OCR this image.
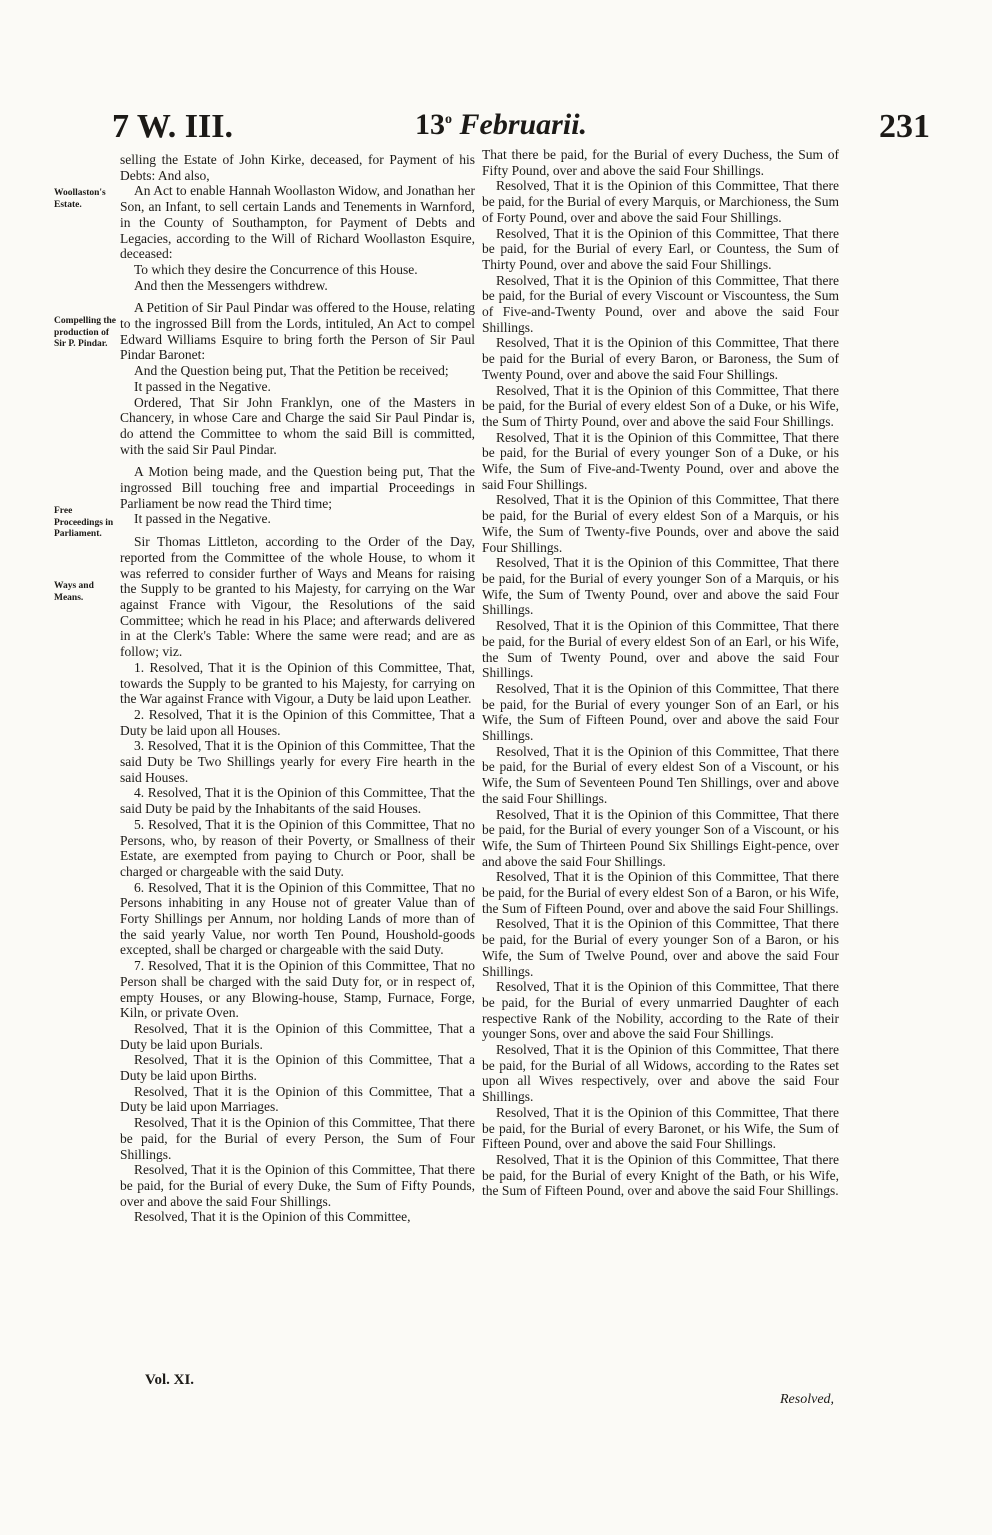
7 W. III.	13$^o$ Februarii.	231
Woollaston's Estate.
Compelling the production of Sir P. Pindar.
Free Proceedings in Parliament.
Ways and Means.

selling the Estate of John Kirke, deceased, for Payment of his Debts: And also,

An Act to enable Hannah Woollaston Widow, and Jonathan her Son, an Infant, to sell certain Lands and Tenements in Warnford, in the County of Southampton, for Payment of Debts and Legacies, according to the Will of Richard Woollaston Esquire, deceased:

To which they desire the Concurrence of this House.

And then the Messengers withdrew.

A Petition of Sir Paul Pindar was offered to the House, relating to the ingrossed Bill from the Lords, intituled, An Act to compel Edward Williams Esquire to bring forth the Person of Sir Paul Pindar Baronet:

And the Question being put, That the Petition be received;

It passed in the Negative.

Ordered, That Sir John Franklyn, one of the Masters in Chancery, in whose Care and Charge the said Sir Paul Pindar is, do attend the Committee to whom the said Bill is committed, with the said Sir Paul Pindar.

A Motion being made, and the Question being put, That the ingrossed Bill touching free and impartial Proceedings in Parliament be now read the Third time;

It passed in the Negative.

Sir Thomas Littleton, according to the Order of the Day, reported from the Committee of the whole House, to whom it was referred to consider further of Ways and Means for raising the Supply to be granted to his Majesty, for carrying on the War against France with Vigour, the Resolutions of the said Committee; which he read in his Place; and afterwards delivered in at the Clerk's Table: Where the same were read; and are as follow; viz.

1. Resolved, That it is the Opinion of this Committee, That, towards the Supply to be granted to his Majesty, for carrying on the War against France with Vigour, a Duty be laid upon Leather.

2. Resolved, That it is the Opinion of this Committee, That a Duty be laid upon all Houses.

3. Resolved, That it is the Opinion of this Committee, That the said Duty be Two Shillings yearly for every Fire hearth in the said Houses.

4. Resolved, That it is the Opinion of this Committee, That the said Duty be paid by the Inhabitants of the said Houses.

5. Resolved, That it is the Opinion of this Committee, That no Persons, who, by reason of their Poverty, or Smallness of their Estate, are exempted from paying to Church or Poor, shall be charged or chargeable with the said Duty.

6. Resolved, That it is the Opinion of this Committee, That no Persons inhabiting in any House not of greater Value than of Forty Shillings per Annum, nor holding Lands of more than of the said yearly Value, nor worth Ten Pound, Houshold-goods excepted, shall be charged or chargeable with the said Duty.

7. Resolved, That it is the Opinion of this Committee, That no Person shall be charged with the said Duty for, or in respect of, empty Houses, or any Blowing-house, Stamp, Furnace, Forge, Kiln, or private Oven.

Resolved, That it is the Opinion of this Committee, That a Duty be laid upon Burials.

Resolved, That it is the Opinion of this Committee, That a Duty be laid upon Births.

Resolved, That it is the Opinion of this Committee, That a Duty be laid upon Marriages.

Resolved, That it is the Opinion of this Committee, That there be paid, for the Burial of every Person, the Sum of Four Shillings.

Resolved, That it is the Opinion of this Committee, That there be paid, for the Burial of every Duke, the Sum of Fifty Pounds, over and above the said Four Shillings.

Resolved, That it is the Opinion of this Committee,

That there be paid, for the Burial of every Duchess, the Sum of Fifty Pound, over and above the said Four Shillings.

Resolved, That it is the Opinion of this Committee, That there be paid, for the Burial of every Marquis, or Marchioness, the Sum of Forty Pound, over and above the said Four Shillings.

Resolved, That it is the Opinion of this Committee, That there be paid, for the Burial of every Earl, or Countess, the Sum of Thirty Pound, over and above the said Four Shillings.

Resolved, That it is the Opinion of this Committee, That there be paid, for the Burial of every Viscount or Viscountess, the Sum of Five-and-Twenty Pound, over and above the said Four Shillings.

Resolved, That it is the Opinion of this Committee, That there be paid for the Burial of every Baron, or Baroness, the Sum of Twenty Pound, over and above the said Four Shillings.

Resolved, That it is the Opinion of this Committee, That there be paid, for the Burial of every eldest Son of a Duke, or his Wife, the Sum of Thirty Pound, over and above the said Four Shillings.

Resolved, That it is the Opinion of this Committee, That there be paid, for the Burial of every younger Son of a Duke, or his Wife, the Sum of Five-and-Twenty Pound, over and above the said Four Shillings.

Resolved, That it is the Opinion of this Committee, That there be paid, for the Burial of every eldest Son of a Marquis, or his Wife, the Sum of Twenty-five Pounds, over and above the said Four Shillings.

Resolved, That it is the Opinion of this Committee, That there be paid, for the Burial of every younger Son of a Marquis, or his Wife, the Sum of Twenty Pound, over and above the said Four Shillings.

Resolved, That it is the Opinion of this Committee, That there be paid, for the Burial of every eldest Son of an Earl, or his Wife, the Sum of Twenty Pound, over and above the said Four Shillings.

Resolved, That it is the Opinion of this Committee, That there be paid, for the Burial of every younger Son of an Earl, or his Wife, the Sum of Fifteen Pound, over and above the said Four Shillings.

Resolved, That it is the Opinion of this Committee, That there be paid, for the Burial of every eldest Son of a Viscount, or his Wife, the Sum of Seventeen Pound Ten Shillings, over and above the said Four Shillings.

Resolved, That it is the Opinion of this Committee, That there be paid, for the Burial of every younger Son of a Viscount, or his Wife, the Sum of Thirteen Pound Six Shillings Eight-pence, over and above the said Four Shillings.

Resolved, That it is the Opinion of this Committee, That there be paid, for the Burial of every eldest Son of a Baron, or his Wife, the Sum of Fifteen Pound, over and above the said Four Shillings.

Resolved, That it is the Opinion of this Committee, That there be paid, for the Burial of every younger Son of a Baron, or his Wife, the Sum of Twelve Pound, over and above the said Four Shillings.

Resolved, That it is the Opinion of this Committee, That there be paid, for the Burial of every unmarried Daughter of each respective Rank of the Nobility, according to the Rate of their younger Sons, over and above the said Four Shillings.

Resolved, That it is the Opinion of this Committee, That there be paid, for the Burial of all Widows, according to the Rates set upon all Wives respectively, over and above the said Four Shillings.

Resolved, That it is the Opinion of this Committee, That there be paid, for the Burial of every Baronet, or his Wife, the Sum of Fifteen Pound, over and above the said Four Shillings.

Resolved, That it is the Opinion of this Committee, That there be paid, for the Burial of every Knight of the Bath, or his Wife, the Sum of Fifteen Pound, over and above the said Four Shillings.

Vol. XI.
Resolved,
